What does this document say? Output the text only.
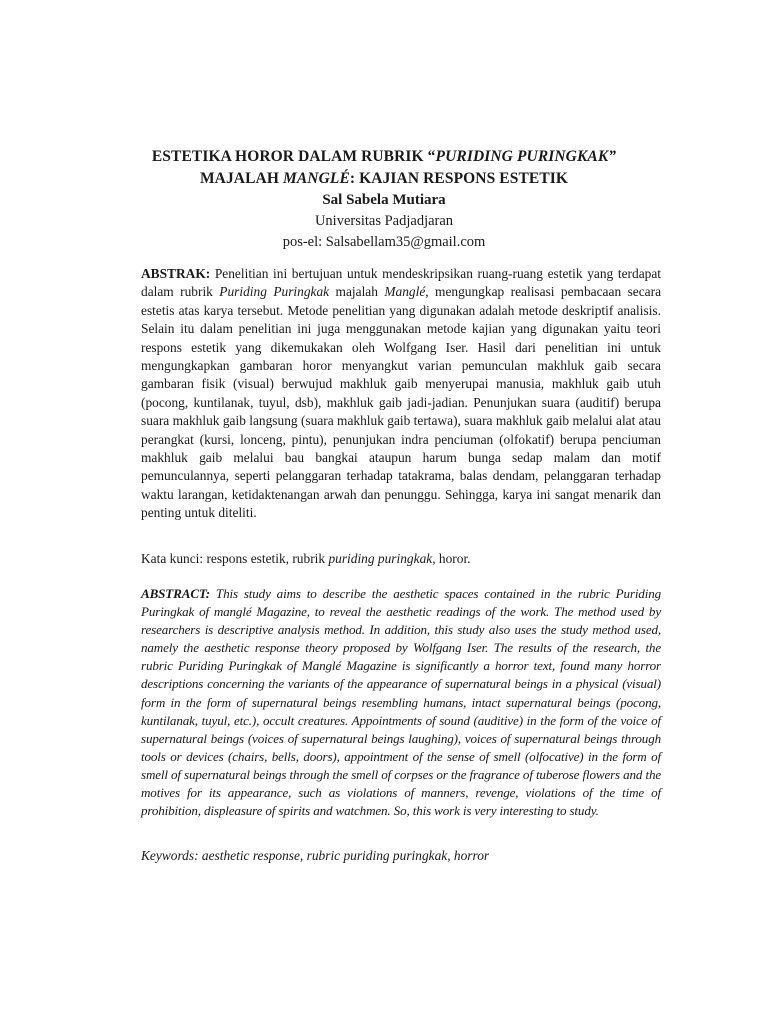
ESTETIKA HOROR DALAM RUBRIK “PURIDING PURINGKAK”
MAJALAH MANGLÉ: KAJIAN RESPONS ESTETIK
Sal Sabela Mutiara
Universitas Padjadjaran
pos-el: Salsabellam35@gmail.com
ABSTRAK: Penelitian ini bertujuan untuk mendeskripsikan ruang-ruang estetik yang terdapat dalam rubrik Puriding Puringkak majalah Manglé, mengungkap realisasi pembacaan secara estetis atas karya tersebut. Metode penelitian yang digunakan adalah metode deskriptif analisis. Selain itu dalam penelitian ini juga menggunakan metode kajian yang digunakan yaitu teori respons estetik yang dikemukakan oleh Wolfgang Iser. Hasil dari penelitian ini untuk mengungkapkan gambaran horor menyangkut varian pemunculan makhluk gaib secara gambaran fisik (visual) berwujud makhluk gaib menyerupai manusia, makhluk gaib utuh (pocong, kuntilanak, tuyul, dsb), makhluk gaib jadi-jadian. Penunjukan suara (auditif) berupa suara makhluk gaib langsung (suara makhluk gaib tertawa), suara makhluk gaib melalui alat atau perangkat (kursi, lonceng, pintu), penunjukan indra penciuman (olfokatif) berupa penciuman makhluk gaib melalui bau bangkai ataupun harum bunga sedap malam dan motif pemunculannya, seperti pelanggaran terhadap tatakrama, balas dendam, pelanggaran terhadap waktu larangan, ketidaktenangan arwah dan penunggu. Sehingga, karya ini sangat menarik dan penting untuk diteliti.
Kata kunci: respons estetik, rubrik puriding puringkak, horor.
ABSTRACT: This study aims to describe the aesthetic spaces contained in the rubric Puriding Puringkak of manglé Magazine, to reveal the aesthetic readings of the work. The method used by researchers is descriptive analysis method. In addition, this study also uses the study method used, namely the aesthetic response theory proposed by Wolfgang Iser. The results of the research, the rubric Puriding Puringkak of Manglé Magazine is significantly a horror text, found many horror descriptions concerning the variants of the appearance of supernatural beings in a physical (visual) form in the form of supernatural beings resembling humans, intact supernatural beings (pocong, kuntilanak, tuyul, etc.), occult creatures. Appointments of sound (auditive) in the form of the voice of supernatural beings (voices of supernatural beings laughing), voices of supernatural beings through tools or devices (chairs, bells, doors), appointment of the sense of smell (olfocative) in the form of smell of supernatural beings through the smell of corpses or the fragrance of tuberose flowers and the motives for its appearance, such as violations of manners, revenge, violations of the time of prohibition, displeasure of spirits and watchmen. So, this work is very interesting to study.
Keywords: aesthetic response, rubric puriding puringkak, horror
